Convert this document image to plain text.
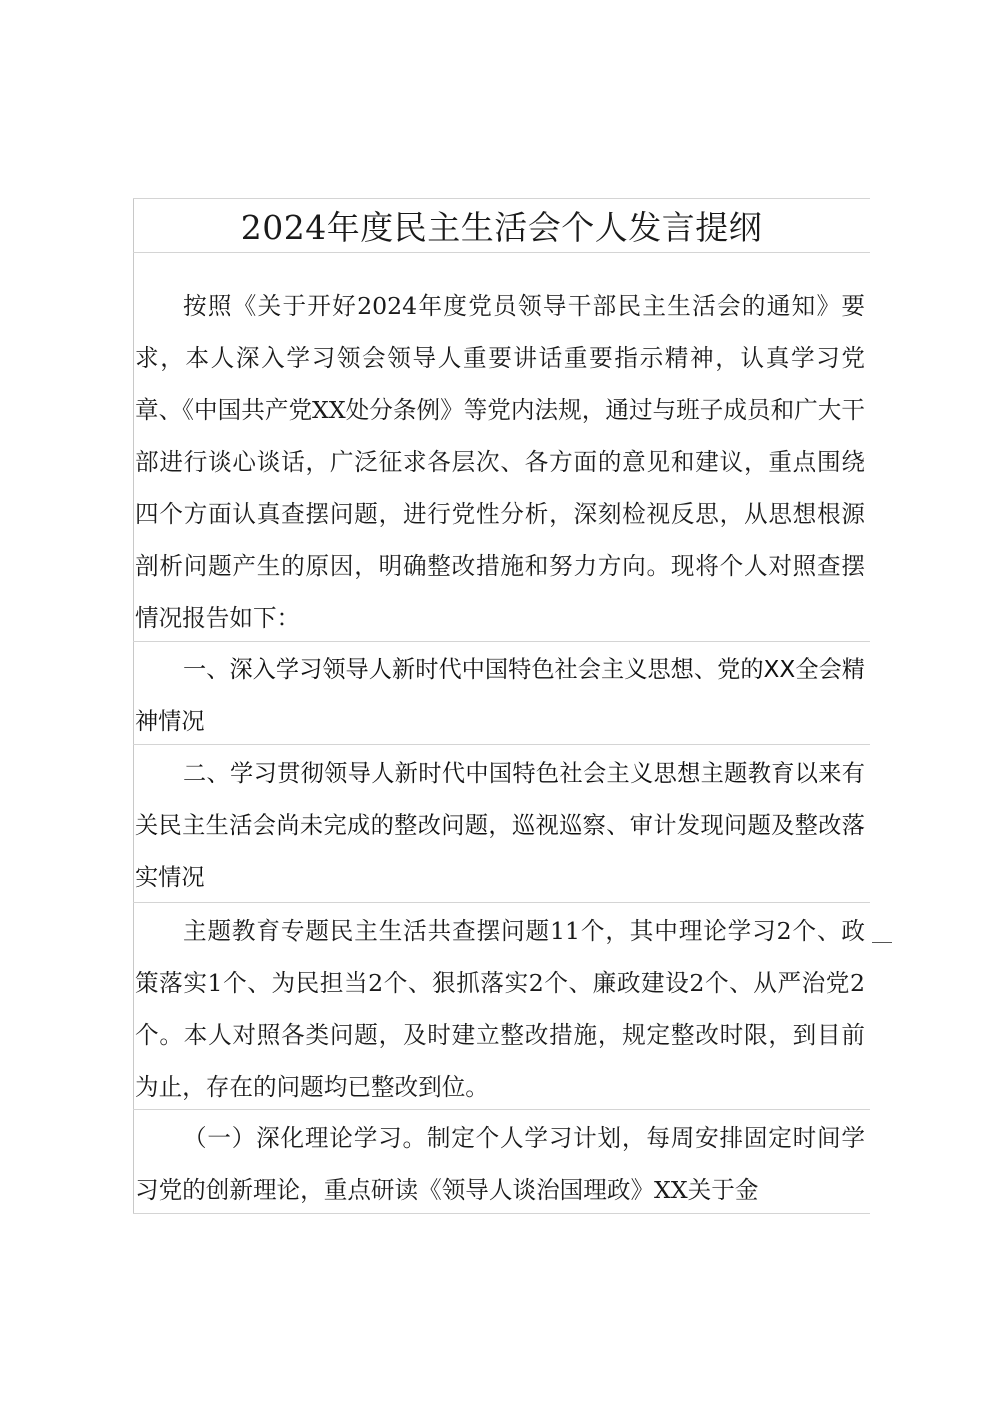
2024年度民主生活会个人发言提纲
按照《关于开好2024年度党员领导干部民主生活会的通知》要求，本人深入学习领会领导人重要讲话重要指示精神，认真学习党章、《中国共产党XX处分条例》等党内法规，通过与班子成员和广大干部进行谈心谈话，广泛征求各层次、各方面的意见和建议，重点围绕四个方面认真查摆问题，进行党性分析，深刻检视反思，从思想根源剖析问题产生的原因，明确整改措施和努力方向。现将个人对照查摆情况报告如下：
一、深入学习领导人新时代中国特色社会主义思想、党的XX全会精神情况
二、学习贯彻领导人新时代中国特色社会主义思想主题教育以来有关民主生活会尚未完成的整改问题，巡视巡察、审计发现问题及整改落实情况
主题教育专题民主生活共查摆问题11个，其中理论学习2个、政策落实1个、为民担当2个、狠抓落实2个、廉政建设2个、从严治党2个。本人对照各类问题，及时建立整改措施，规定整改时限，到目前为止，存在的问题均已整改到位。
（一）深化理论学习。制定个人学习计划，每周安排固定时间学习党的创新理论，重点研读《领导人谈治国理政》XX关于金
